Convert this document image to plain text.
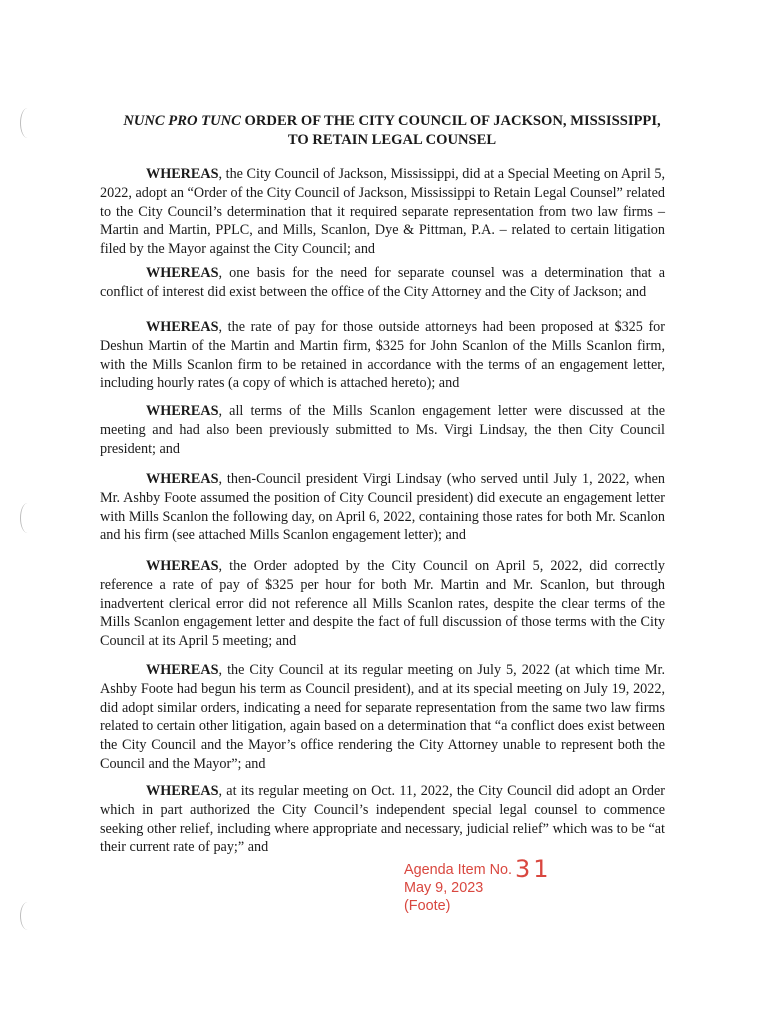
NUNC PRO TUNC ORDER OF THE CITY COUNCIL OF JACKSON, MISSISSIPPI,
TO RETAIN LEGAL COUNSEL

WHEREAS, the City Council of Jackson, Mississippi, did at a Special Meeting on April 5, 2022, adopt an “Order of the City Council of Jackson, Mississippi to Retain Legal Counsel” related to the City Council’s determination that it required separate representation from two law firms – Martin and Martin, PPLC, and Mills, Scanlon, Dye & Pittman, P.A. – related to certain litigation filed by the Mayor against the City Council; and

WHEREAS, one basis for the need for separate counsel was a determination that a conflict of interest did exist between the office of the City Attorney and the City of Jackson; and

WHEREAS, the rate of pay for those outside attorneys had been proposed at $325 for Deshun Martin of the Martin and Martin firm, $325 for John Scanlon of the Mills Scanlon firm, with the Mills Scanlon firm to be retained in accordance with the terms of an engagement letter, including hourly rates (a copy of which is attached hereto); and

WHEREAS, all terms of the Mills Scanlon engagement letter were discussed at the meeting and had also been previously submitted to Ms. Virgi Lindsay, the then City Council president; and

WHEREAS, then-Council president Virgi Lindsay (who served until July 1, 2022, when Mr. Ashby Foote assumed the position of City Council president) did execute an engagement letter with Mills Scanlon the following day, on April 6, 2022, containing those rates for both Mr. Scanlon and his firm (see attached Mills Scanlon engagement letter); and

WHEREAS, the Order adopted by the City Council on April 5, 2022, did correctly reference a rate of pay of $325 per hour for both Mr. Martin and Mr. Scanlon, but through inadvertent clerical error did not reference all Mills Scanlon rates, despite the clear terms of the Mills Scanlon engagement letter and despite the fact of full discussion of those terms with the City Council at its April 5 meeting; and

WHEREAS, the City Council at its regular meeting on July 5, 2022 (at which time Mr. Ashby Foote had begun his term as Council president), and at its special meeting on July 19, 2022, did adopt similar orders, indicating a need for separate representation from the same two law firms related to certain other litigation, again based on a determination that “a conflict does exist between the City Council and the Mayor’s office rendering the City Attorney unable to represent both the Council and the Mayor”; and

WHEREAS, at its regular meeting on Oct. 11, 2022, the City Council did adopt an Order which in part authorized the City Council’s independent special legal counsel to commence seeking other relief, including where appropriate and necessary, judicial relief” which was to be “at their current rate of pay;” and

Agenda Item No. 31
May 9, 2023
(Foote)
